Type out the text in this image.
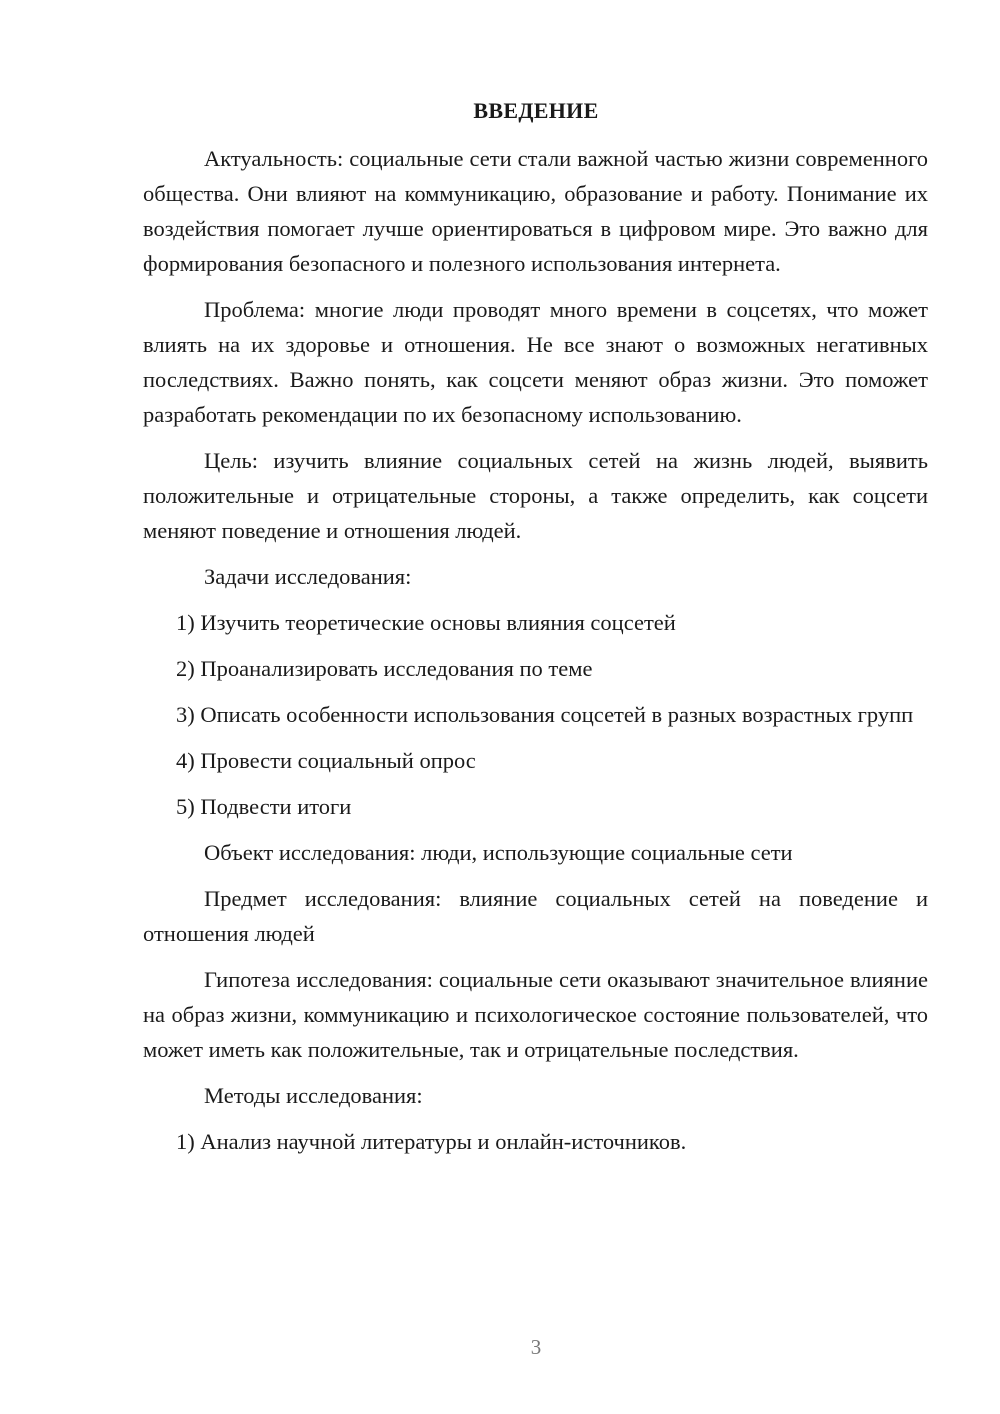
ВВЕДЕНИЕ

Актуальность: социальные сети стали важной частью жизни современного общества. Они влияют на коммуникацию, образование и работу. Понимание их воздействия помогает лучше ориентироваться в цифровом мире. Это важно для формирования безопасного и полезного использования интернета.

Проблема: многие люди проводят много времени в соцсетях, что может влиять на их здоровье и отношения. Не все знают о возможных негативных последствиях. Важно понять, как соцсети меняют образ жизни. Это поможет разработать рекомендации по их безопасному использованию.

Цель: изучить влияние социальных сетей на жизнь людей, выявить положительные и отрицательные стороны, а также определить, как соцсети меняют поведение и отношения людей.

Задачи исследования:

1) Изучить теоретические основы влияния соцсетей

2) Проанализировать исследования по теме

3) Описать особенности использования соцсетей в разных возрастных групп

4) Провести социальный опрос

5) Подвести итоги

Объект исследования: люди, использующие социальные сети

Предмет исследования: влияние социальных сетей на поведение и отношения людей

Гипотеза исследования: социальные сети оказывают значительное влияние на образ жизни, коммуникацию и психологическое состояние пользователей, что может иметь как положительные, так и отрицательные последствия.

Методы исследования:

1) Анализ научной литературы и онлайн-источников.

3
